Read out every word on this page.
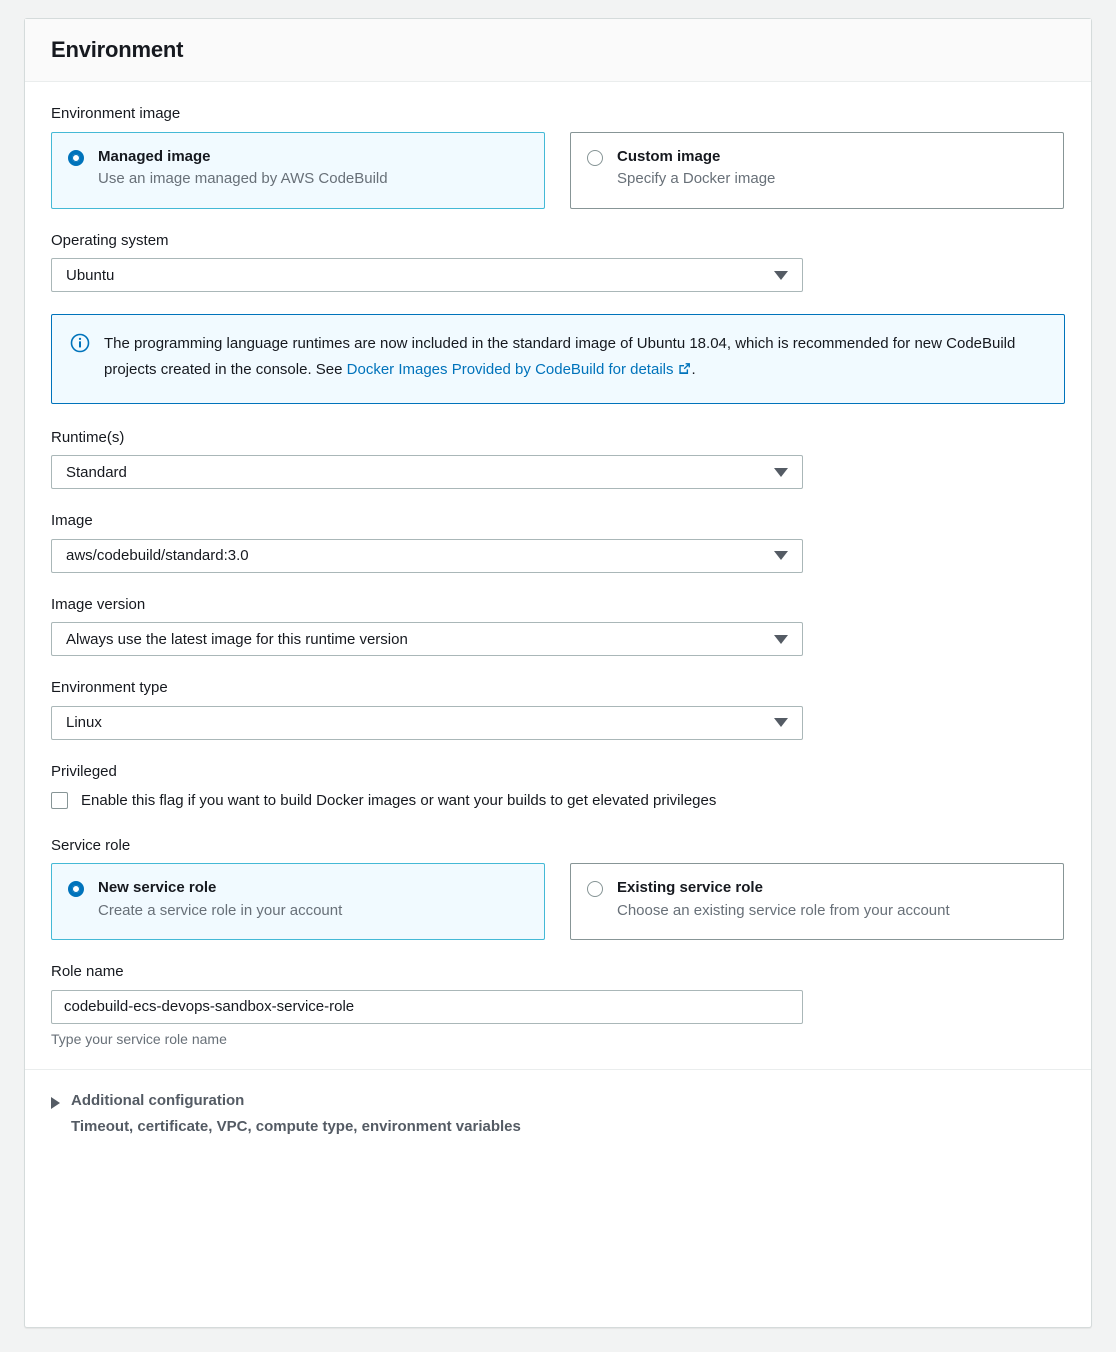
Environment
Environment image
Managed image
Use an image managed by AWS CodeBuild
Custom image
Specify a Docker image
Operating system
Ubuntu
The programming language runtimes are now included in the standard image of Ubuntu 18.04, which is recommended for new CodeBuild projects created in the console. See Docker Images Provided by CodeBuild for details .
Runtime(s)
Standard
Image
aws/codebuild/standard:3.0
Image version
Always use the latest image for this runtime version
Environment type
Linux
Privileged
Enable this flag if you want to build Docker images or want your builds to get elevated privileges
Service role
New service role
Create a service role in your account
Existing service role
Choose an existing service role from your account
Role name
codebuild-ecs-devops-sandbox-service-role
Type your service role name
Additional configuration
Timeout, certificate, VPC, compute type, environment variables
